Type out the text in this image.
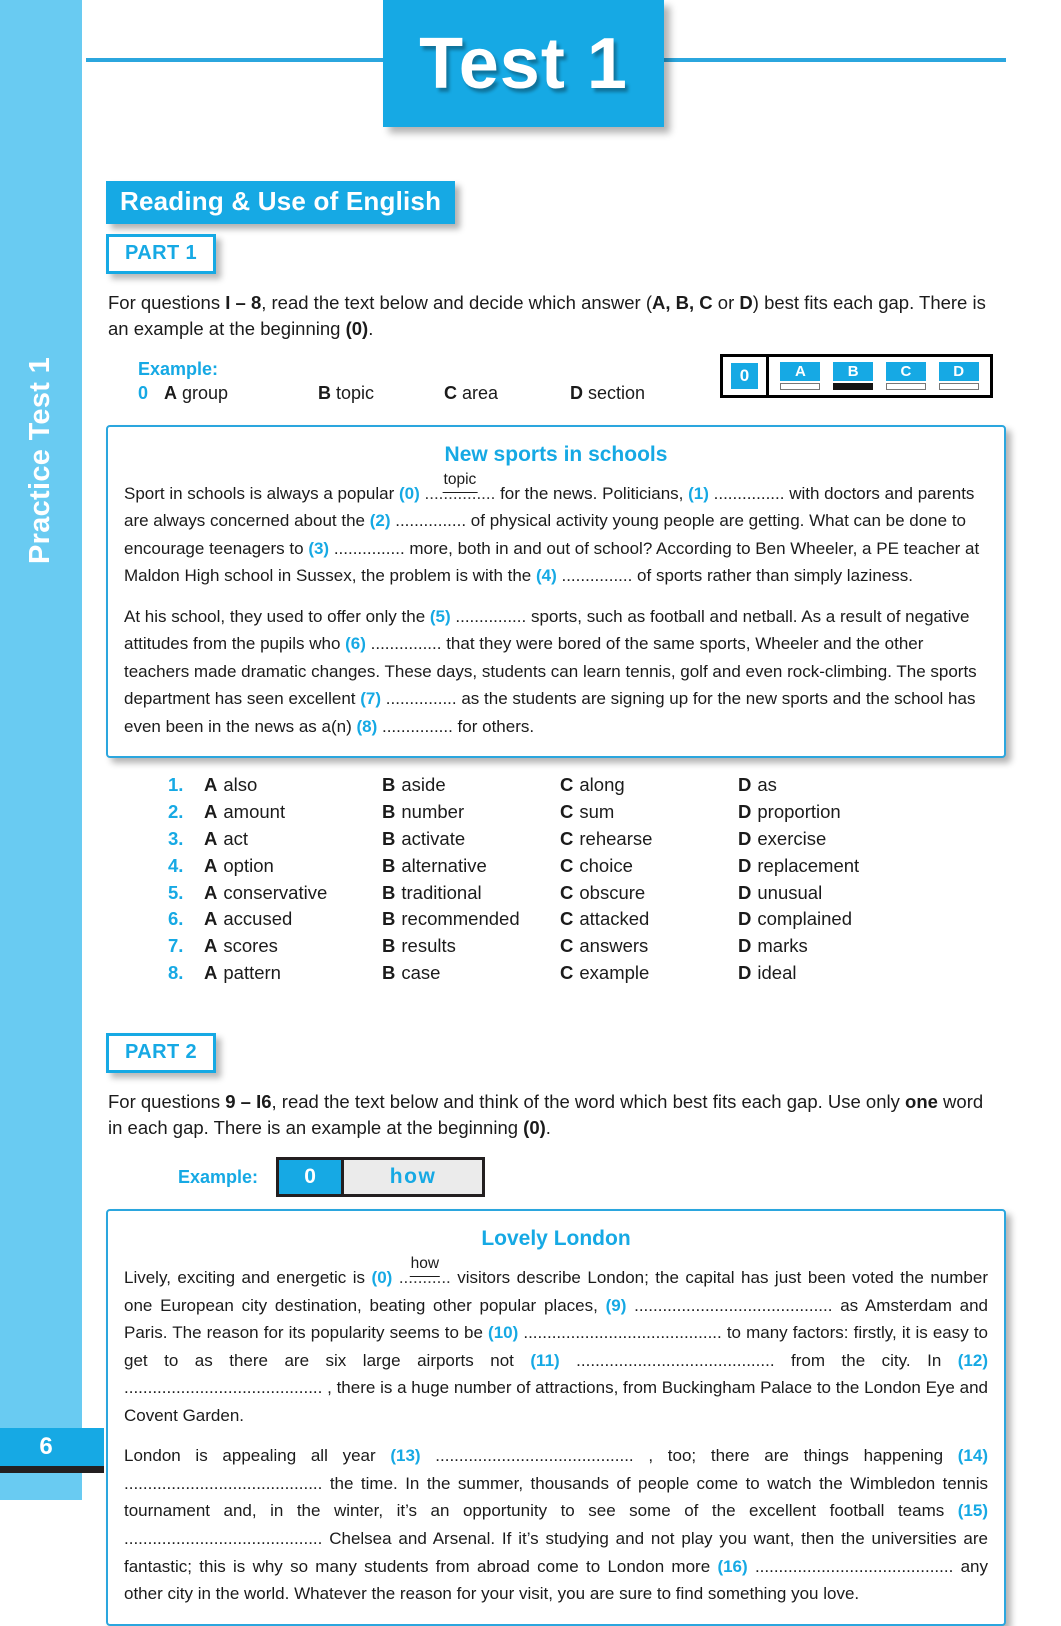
Practice Test 1
6
Test 1
Reading & Use of English
PART 1
For questions I – 8, read the text below and decide which answer (A, B, C or D) best fits each gap. There is an example at the beginning (0).
Example:
0 A group	B topic	C area	D section
New sports in schools

Sport in schools is always a popular (0) ...............
topic
for the news. Politicians, (1) ............... with doctors and parents are always concerned about the (2) ............... of physical activity young people are getting. What can be done to encourage teenagers to (3) ............... more, both in and out of school? According to Ben Wheeler, a PE teacher at Maldon High school in Sussex, the problem is with the (4) ............... of sports rather than simply laziness.

At his school, they used to offer only the (5) ............... sports, such as football and netball. As a result of negative attitudes from the pupils who (6) ............... that they were bored of the same sports, Wheeler and the other teachers made dramatic changes. These days, students can learn tennis, golf and even rock-climbing. The sports department has seen excellent (7) ............... as the students are signing up for the new sports and the school has even been in the news as a(n) (8) ............... for others.

1.	A also	B aside	C along	D as
2.	A amount	B number	C sum	D proportion
3.	A act	B activate	C rehearse	D exercise
4.	A option	B alternative	C choice	D replacement
5.	A conservative	B traditional	C obscure	D unusual
6.	A accused	B recommended	C attacked	D complained
7.	A scores	B results	C answers	D marks
8.	A pattern	B case	C example	D ideal
PART 2
For questions 9 – I6, read the text below and think of the word which best fits each gap. Use only one word in each gap. There is an example at the beginning (0).
Example:	0	how
Lovely London

Lively, exciting and energetic is (0) ...........
how
visitors describe London; the capital has just been voted the number one European city destination, beating other popular places, (9) .......................................... as Amsterdam and Paris. The reason for its popularity seems to be (10) .......................................... to many factors: firstly, it is easy to get to as there are six large airports not (11) .......................................... from the city. In (12) .......................................... , there is a huge number of attractions, from Buckingham Palace to the London Eye and Covent Garden.

London is appealing all year (13) .......................................... , too; there are things happening (14) .......................................... the time. In the summer, thousands of people come to watch the Wimbledon tennis tournament and, in the winter, it’s an opportunity to see some of the excellent football teams (15) .......................................... Chelsea and Arsenal. If it’s studying and not play you want, then the universities are fantastic; this is why so many students from abroad come to London more (16) .......................................... any other city in the world. Whatever the reason for your visit, you are sure to find something you love.

0	A	B	C	D
